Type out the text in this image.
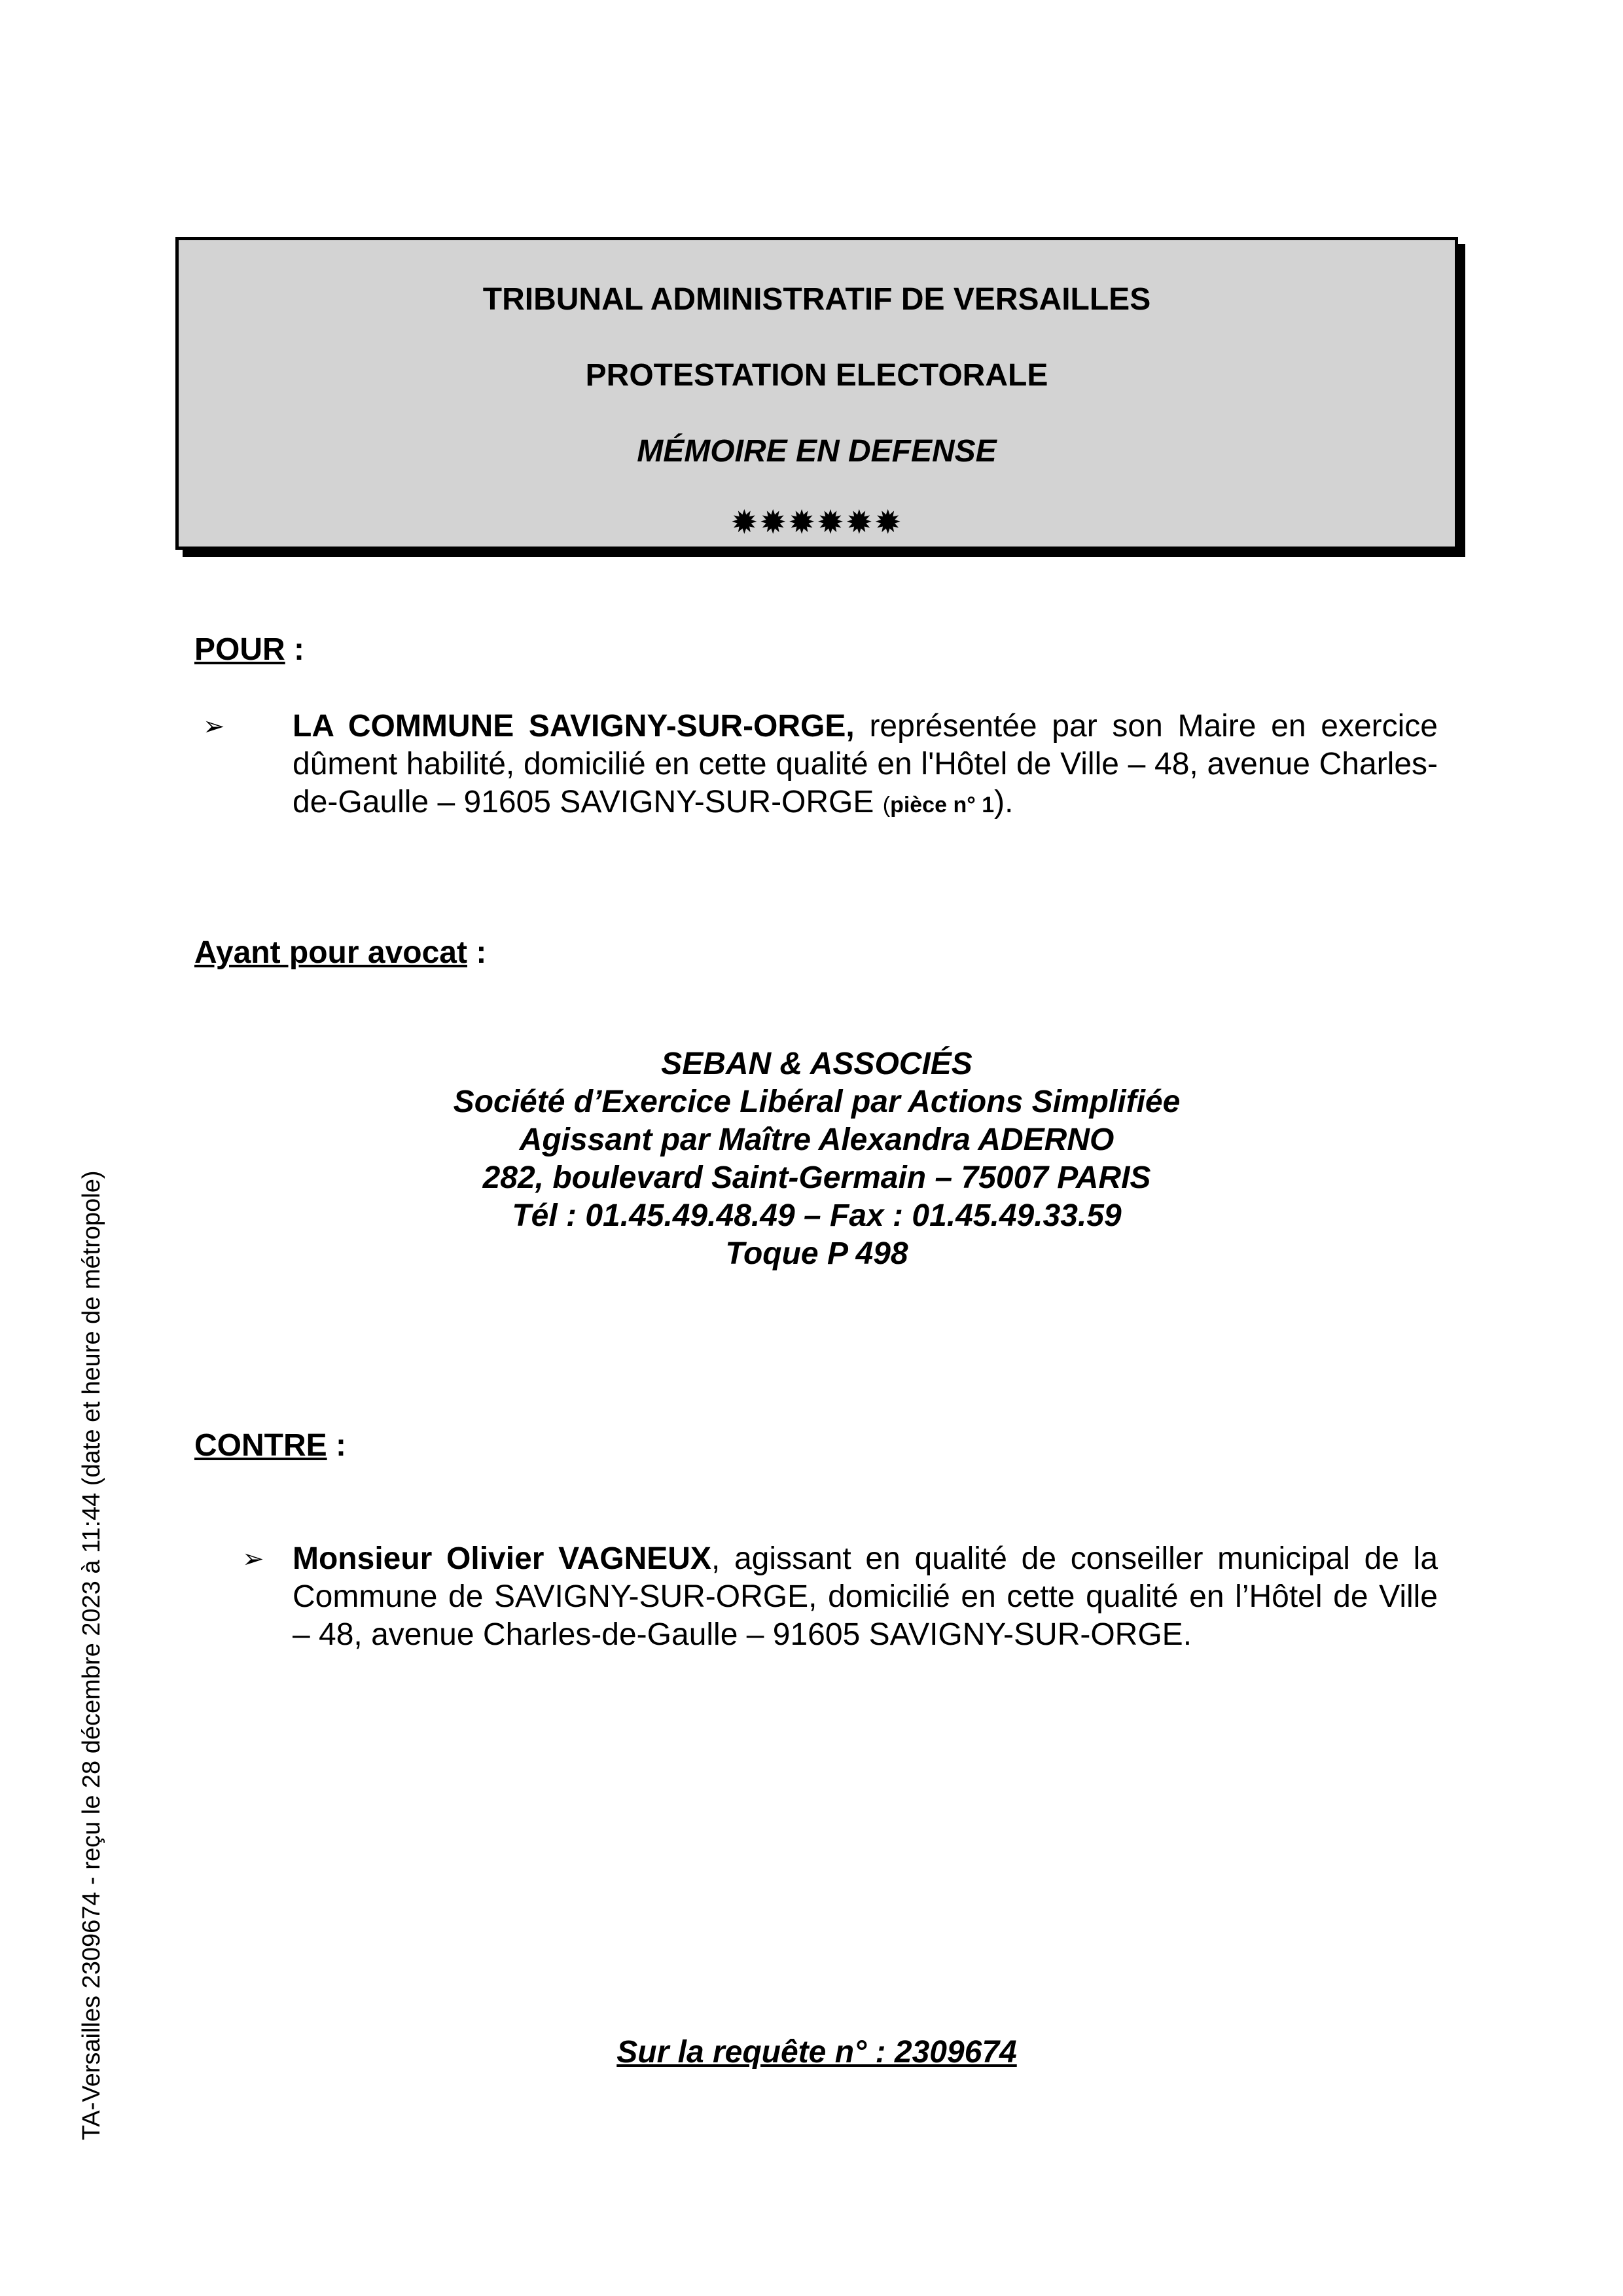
TRIBUNAL ADMINISTRATIF DE VERSAILLES
PROTESTATION ELECTORALE
MÉMOIRE EN DEFENSE
✹✹✹✹✹✹
POUR :
➢ LA COMMUNE SAVIGNY-SUR-ORGE, représentée par son Maire en exercice dûment habilité, domicilié en cette qualité en l'Hôtel de Ville – 48, avenue Charles-de-Gaulle – 91605 SAVIGNY-SUR-ORGE (pièce n° 1).
Ayant pour avocat :
SEBAN & ASSOCIÉS
Société d’Exercice Libéral par Actions Simplifiée
Agissant par Maître Alexandra ADERNO
282, boulevard Saint-Germain – 75007 PARIS
Tél : 01.45.49.48.49 – Fax : 01.45.49.33.59
Toque P 498
CONTRE :
➢ Monsieur Olivier VAGNEUX, agissant en qualité de conseiller municipal de la Commune de SAVIGNY-SUR-ORGE, domicilié en cette qualité en l’Hôtel de Ville – 48, avenue Charles-de-Gaulle – 91605 SAVIGNY-SUR-ORGE.
Sur la requête n° : 2309674
TA-Versailles 2309674 - reçu le 28 décembre 2023 à 11:44 (date et heure de métropole)
